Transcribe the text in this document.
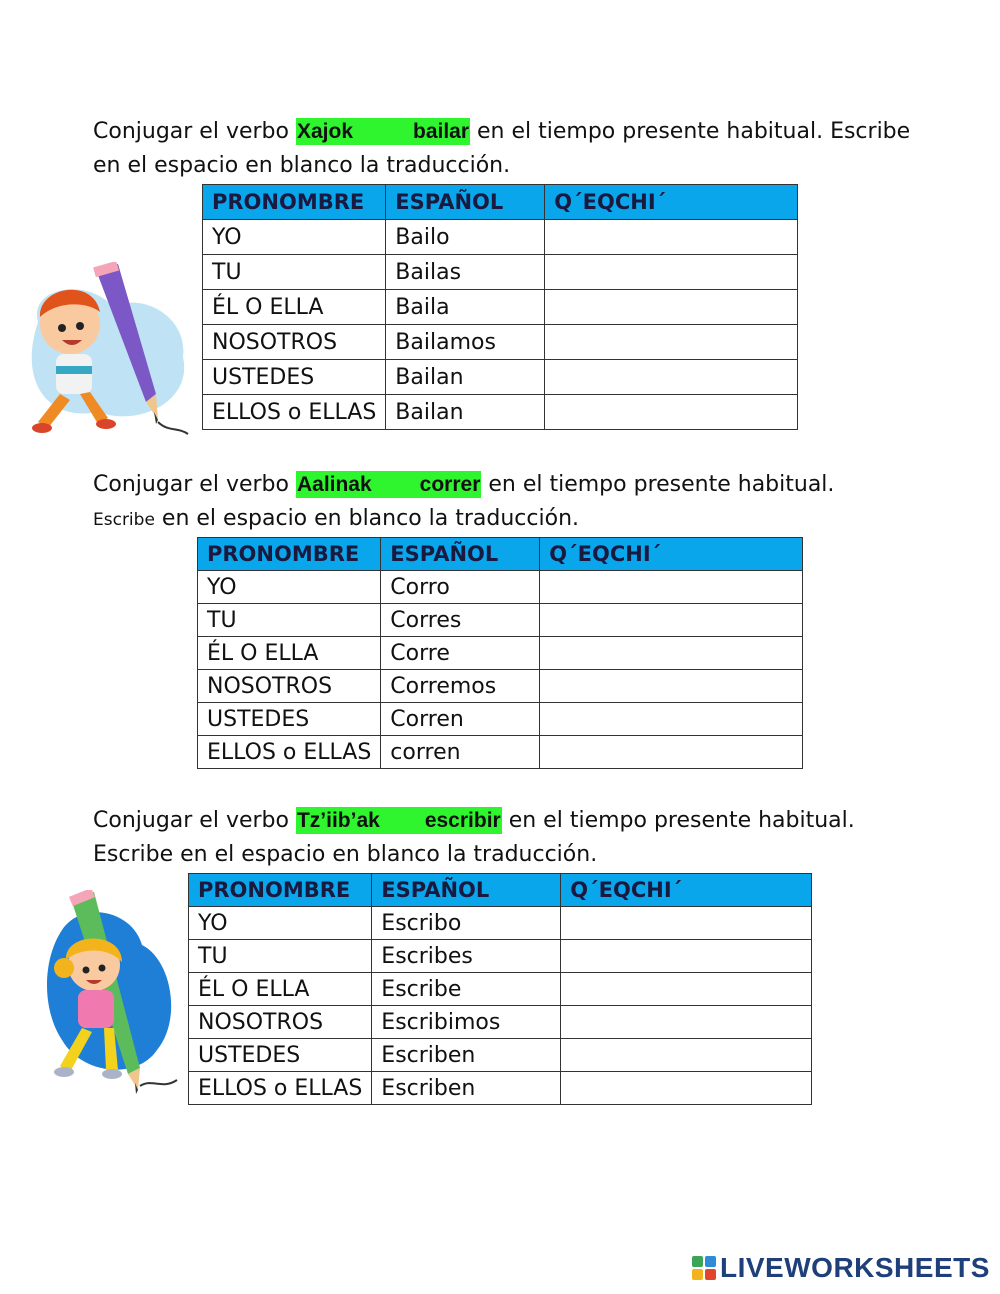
Conjugar el verbo Xajok	bailar en el tiempo presente habitual. Escribe en el espacio en blanco la traducción.

PRONOMBRE	ESPAÑOL	Q´EQCHI´
YO	Bailo	
TU	Bailas	
ÉL O ELLA	Baila	
NOSOTROS	Bailamos	
USTEDES	Bailan	
ELLOS o ELLAS	Bailan	

Conjugar el verbo Aalinak correr en el tiempo presente habitual.
Escribe en el espacio en blanco la traducción.

PRONOMBRE	ESPAÑOL	Q´EQCHI´
YO	Corro	
TU	Corres	
ÉL O ELLA	Corre	
NOSOTROS	Corremos	
USTEDES	Corren	
ELLOS o ELLAS	corren	

Conjugar el verbo Tz’iib’ak escribir en el tiempo presente habitual. Escribe en el espacio en blanco la traducción.

PRONOMBRE	ESPAÑOL	Q´EQCHI´
YO	Escribo	
TU	Escribes	
ÉL O ELLA	Escribe	
NOSOTROS	Escribimos	
USTEDES	Escriben	
ELLOS o ELLAS	Escriben	
LIVEWORKSHEETS
